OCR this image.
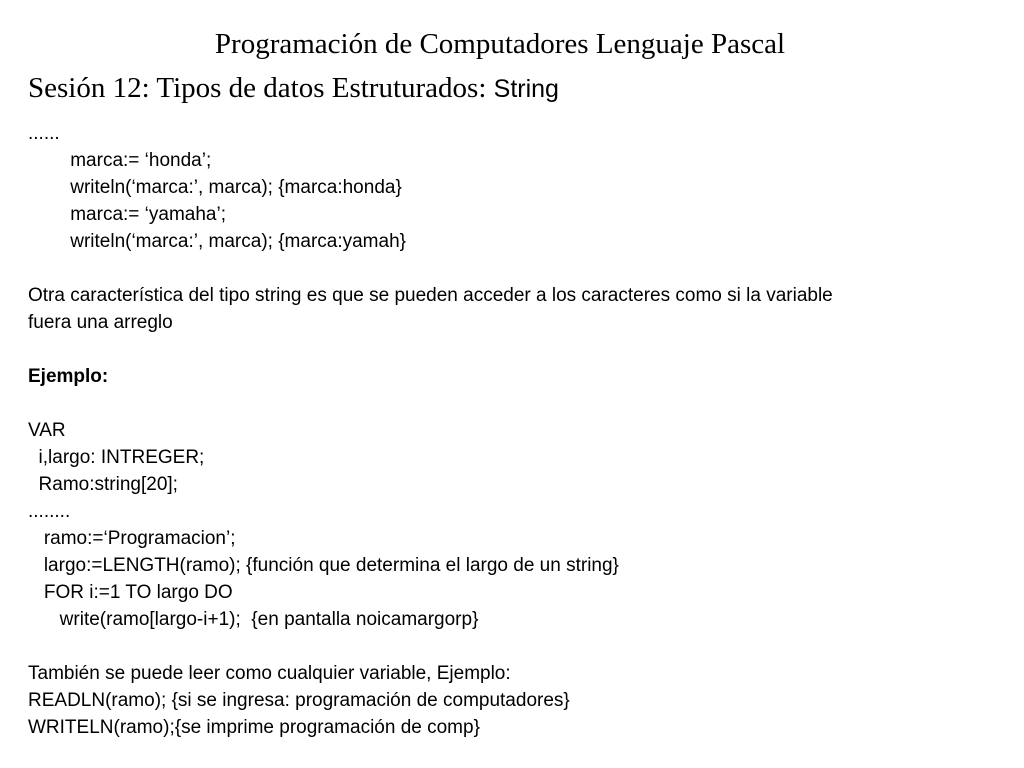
Programación de Computadores Lenguaje Pascal
Sesión 12: Tipos de datos Estruturados: String
......
marca:= ‘honda’;
writeln(‘marca:’, marca); {marca:honda}
marca:= ‘yamaha’;
writeln(‘marca:’, marca); {marca:yamah}
Otra característica del tipo string es que se pueden acceder a los caracteres como si la variable
fuera una arreglo
Ejemplo:
VAR
i,largo: INTREGER;
Ramo:string[20];
........
ramo:=‘Programacion’;
largo:=LENGTH(ramo); {función que determina el largo de un string}
FOR i:=1 TO largo DO
write(ramo[largo-i+1);  {en pantalla noicamargorp}
También se puede leer como cualquier variable, Ejemplo:
READLN(ramo); {si se ingresa: programación de computadores}
WRITELN(ramo);{se imprime programación de comp}
